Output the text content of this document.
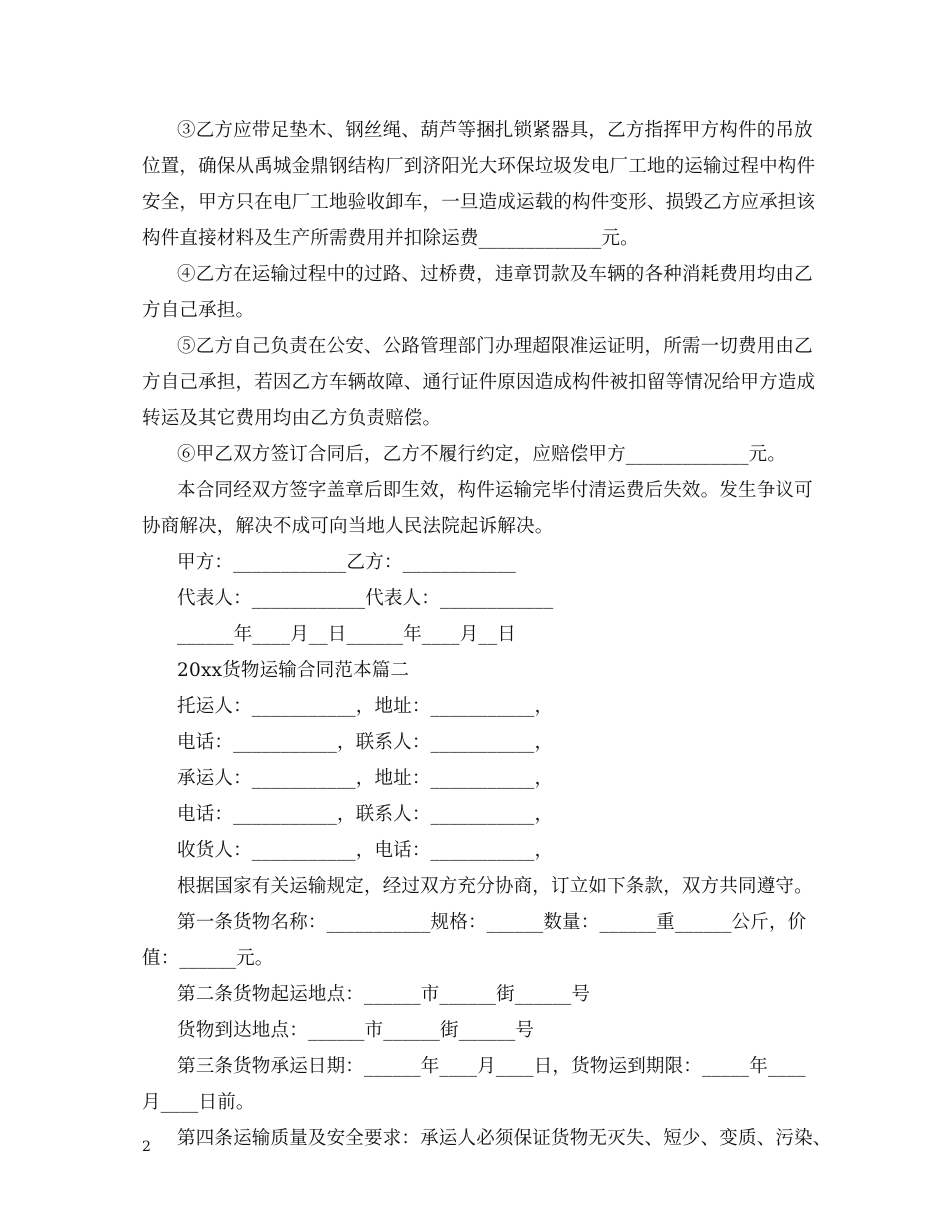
③乙方应带足垫木、钢丝绳、葫芦等捆扎锁紧器具，乙方指挥甲方构件的吊放
位置，确保从禹城金鼎钢结构厂到济阳光大环保垃圾发电厂工地的运输过程中构件
安全，甲方只在电厂工地验收卸车，一旦造成运载的构件变形、损毁乙方应承担该
构件直接材料及生产所需费用并扣除运费_____________元。
④乙方在运输过程中的过路、过桥费，违章罚款及车辆的各种消耗费用均由乙
方自己承担。
⑤乙方自己负责在公安、公路管理部门办理超限准运证明，所需一切费用由乙
方自己承担，若因乙方车辆故障、通行证件原因造成构件被扣留等情况给甲方造成
转运及其它费用均由乙方负责赔偿。
⑥甲乙双方签订合同后，乙方不履行约定，应赔偿甲方_____________元。
本合同经双方签字盖章后即生效，构件运输完毕付清运费后失效。发生争议可
协商解决，解决不成可向当地人民法院起诉解决。
甲方：____________乙方：____________
代表人：____________代表人：____________
______年____月__日______年____月__日
20xx货物运输合同范本篇二
托运人：___________，地址：___________，
电话：___________，联系人：___________，
承运人：___________，地址：___________，
电话：___________，联系人：___________，
收货人：___________，电话：___________，
根据国家有关运输规定，经过双方充分协商，订立如下条款，双方共同遵守。
第一条货物名称：___________规格：______数量：______重______公斤，价
值：______元。
第二条货物起运地点：______市______街______号
货物到达地点：______市______街______号
第三条货物承运日期：______年____月____日，货物运到期限：_____年____
月____日前。
第四条运输质量及安全要求：承运人必须保证货物无灭失、短少、变质、污染、
2
